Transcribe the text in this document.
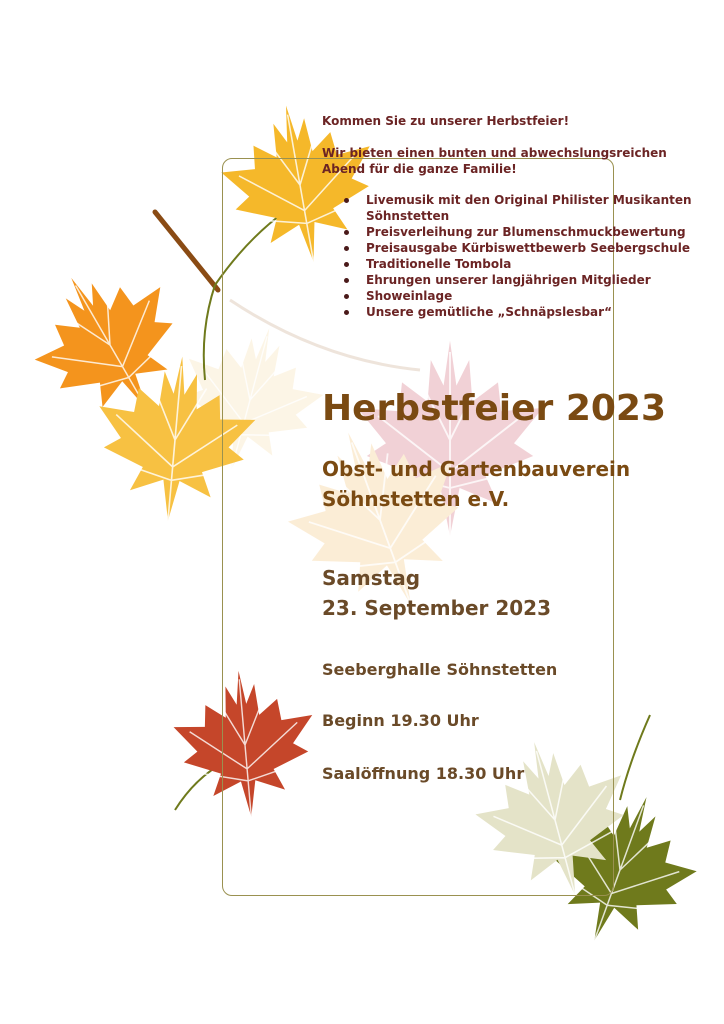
Kommen Sie zu unserer Herbstfeier!
Wir bieten einen bunten und abwechslungsreichen Abend für die ganze Familie!
Livemusik mit den Original Philister Musikanten Söhnstetten
Preisverleihung zur Blumenschmuckbewertung
Preisausgabe Kürbiswettbewerb Seebergschule
Traditionelle Tombola
Ehrungen unserer langjährigen Mitglieder
Showeinlage
Unsere gemütliche „Schnäpslesbar“
Herbstfeier 2023
Obst- und Gartenbauverein
Söhnstetten e.V.
Samstag
23. September 2023
Seeberghalle Söhnstetten
Beginn 19.30 Uhr
Saalöffnung 18.30 Uhr
